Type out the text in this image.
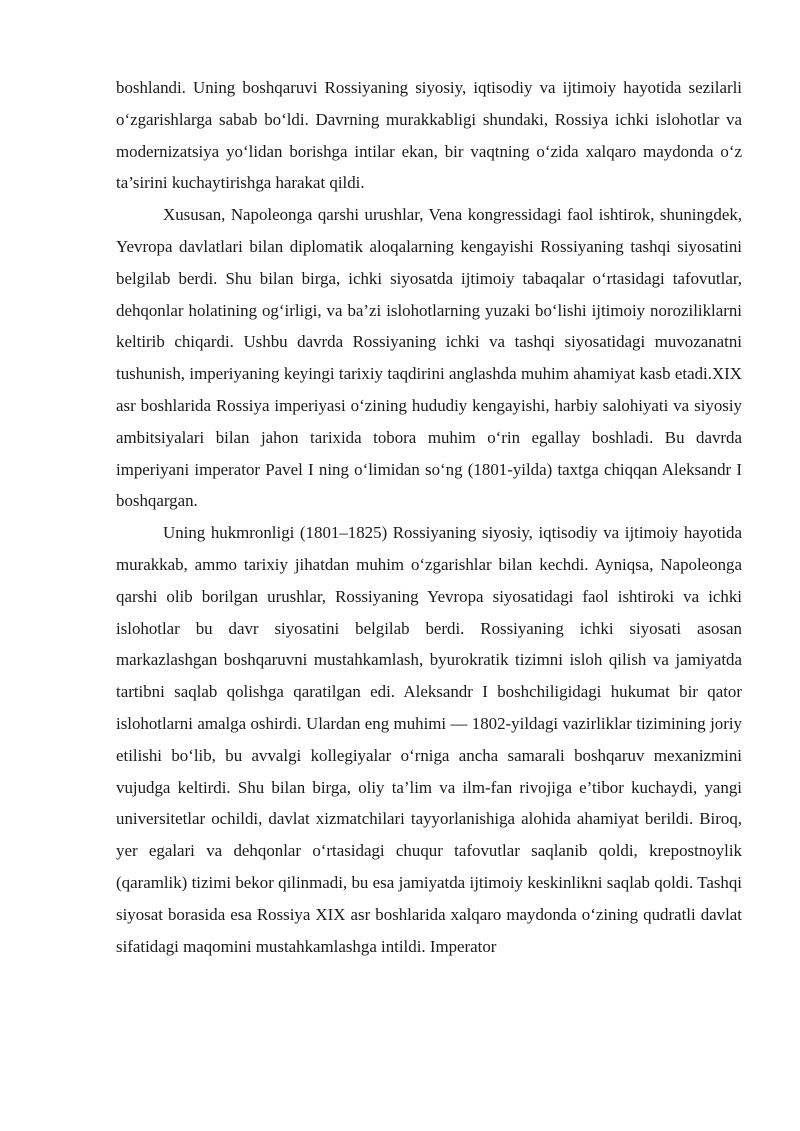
boshlandi. Uning boshqaruvi Rossiyaning siyosiy, iqtisodiy va ijtimoiy hayotida sezilarli o‘zgarishlarga sabab bo‘ldi. Davrning murakkabligi shundaki, Rossiya ichki islohotlar va modernizatsiya yo‘lidan borishga intilar ekan, bir vaqtning o‘zida xalqaro maydonda o‘z ta’sirini kuchaytirishga harakat qildi.

Xususan, Napoleonga qarshi urushlar, Vena kongressidagi faol ishtirok, shuningdek, Yevropa davlatlari bilan diplomatik aloqalarning kengayishi Rossiyaning tashqi siyosatini belgilab berdi. Shu bilan birga, ichki siyosatda ijtimoiy tabaqalar o‘rtasidagi tafovutlar, dehqonlar holatining og‘irligi, va ba’zi islohotlarning yuzaki bo‘lishi ijtimoiy noroziliklarni keltirib chiqardi. Ushbu davrda Rossiyaning ichki va tashqi siyosatidagi muvozanatni tushunish, imperiyaning keyingi tarixiy taqdirini anglashda muhim ahamiyat kasb etadi.XIX asr boshlarida Rossiya imperiyasi o‘zining hududiy kengayishi, harbiy salohiyati va siyosiy ambitsiyalari bilan jahon tarixida tobora muhim o‘rin egallay boshladi. Bu davrda imperiyani imperator Pavel I ning o‘limidan so‘ng (1801-yilda) taxtga chiqqan Aleksandr I boshqargan.

Uning hukmronligi (1801–1825) Rossiyaning siyosiy, iqtisodiy va ijtimoiy hayotida murakkab, ammo tarixiy jihatdan muhim o‘zgarishlar bilan kechdi. Ayniqsa, Napoleonga qarshi olib borilgan urushlar, Rossiyaning Yevropa siyosatidagi faol ishtiroki va ichki islohotlar bu davr siyosatini belgilab berdi. Rossiyaning ichki siyosati asosan markazlashgan boshqaruvni mustahkamlash, byurokratik tizimni isloh qilish va jamiyatda tartibni saqlab qolishga qaratilgan edi. Aleksandr I boshchiligidagi hukumat bir qator islohotlarni amalga oshirdi. Ulardan eng muhimi — 1802-yildagi vazirliklar tizimining joriy etilishi bo‘lib, bu avvalgi kollegiyalar o‘rniga ancha samarali boshqaruv mexanizmini vujudga keltirdi. Shu bilan birga, oliy ta’lim va ilm-fan rivojiga e’tibor kuchaydi, yangi universitetlar ochildi, davlat xizmatchilari tayyorlanishiga alohida ahamiyat berildi. Biroq, yer egalari va dehqonlar o‘rtasidagi chuqur tafovutlar saqlanib qoldi, krepostnoylik (qaramlik) tizimi bekor qilinmadi, bu esa jamiyatda ijtimoiy keskinlikni saqlab qoldi. Tashqi siyosat borasida esa Rossiya XIX asr boshlarida xalqaro maydonda o‘zining qudratli davlat sifatidagi maqomini mustahkamlashga intildi. Imperator
